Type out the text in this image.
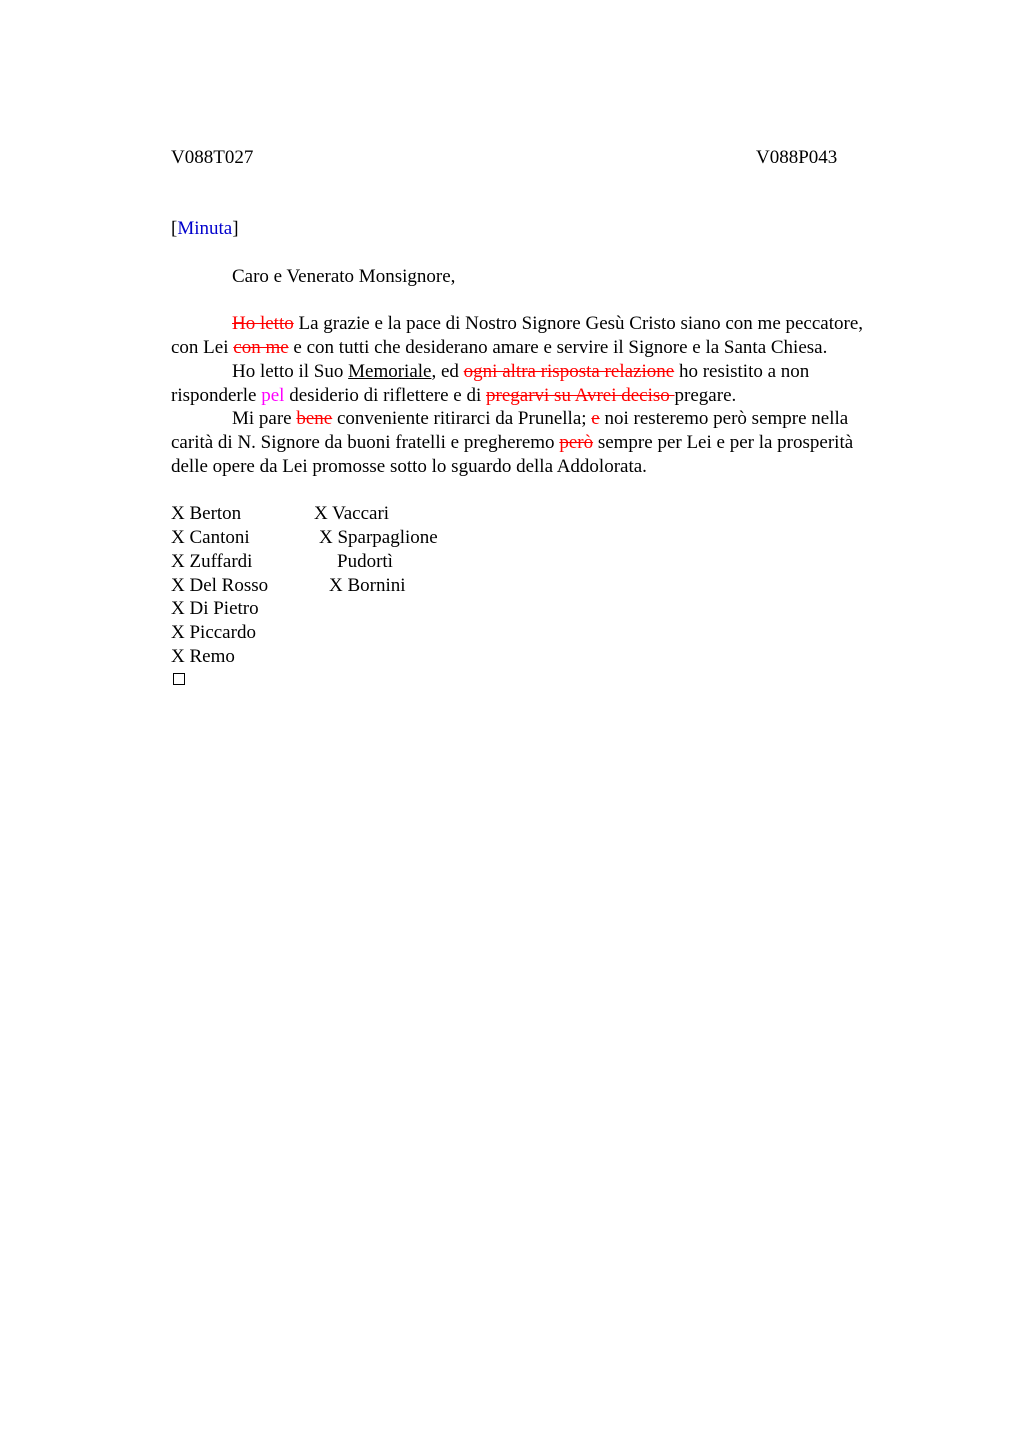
V088T027	V088P043
[Minuta]
Caro e Venerato Monsignore,
Ho letto La grazie e la pace di Nostro Signore Gesù Cristo siano con me peccatore,
con Lei con me e con tutti che desiderano amare e servire il Signore e la Santa Chiesa.
Ho letto il Suo Memoriale, ed ogni altra risposta relazione ho resistito a non
risponderle pel desiderio di riflettere e di pregarvi su Avrei deciso pregare.
Mi pare bene conveniente ritirarci da Prunella; e noi resteremo però sempre nella
carità di N. Signore da buoni fratelli e pregheremo però sempre per Lei e per la prosperità
delle opere da Lei promosse sotto lo sguardo della Addolorata.
X Berton
X Cantoni
X Zuffardi
X Del Rosso
X Di Pietro
X Piccardo
X Remo
X Vaccari
X Sparpaglione
Pudortì
X Bornini
